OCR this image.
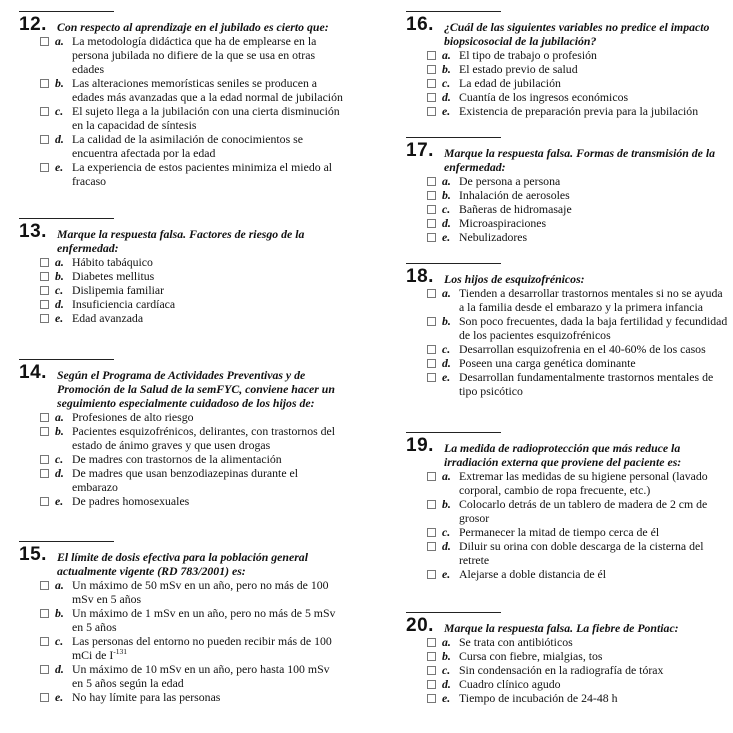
12. Con respecto al aprendizaje en el jubilado es cierto que:
a. La metodología didáctica que ha de emplearse en la
persona jubilada no difiere de la que se usa en otras
edades
b. Las alteraciones memorísticas seniles se producen a
edades más avanzadas que a la edad normal de jubilación
c. El sujeto llega a la jubilación con una cierta disminución
en la capacidad de síntesis
d. La calidad de la asimilación de conocimientos se
encuentra afectada por la edad
e. La experiencia de estos pacientes minimiza el miedo al
fracaso
13. Marque la respuesta falsa. Factores de riesgo de la
enfermedad:
a. Hábito tabáquico
b. Diabetes mellitus
c. Dislipemia familiar
d. Insuficiencia cardíaca
e. Edad avanzada
14. Según el Programa de Actividades Preventivas y de
Promoción de la Salud de la semFYC, conviene hacer un
seguimiento especialmente cuidadoso de los hijos de:
a. Profesiones de alto riesgo
b. Pacientes esquizofrénicos, delirantes, con trastornos del
estado de ánimo graves y que usen drogas
c. De madres con trastornos de la alimentación
d. De madres que usan benzodiazepinas durante el
embarazo
e. De padres homosexuales
15. El límite de dosis efectiva para la población general
actualmente vigente (RD 783/2001) es:
a. Un máximo de 50 mSv en un año, pero no más de 100
mSv en 5 años
b. Un máximo de 1 mSv en un año, pero no más de 5 mSv
en 5 años
c. Las personas del entorno no pueden recibir más de 100
mCi de $I^{-131}$
d. Un máximo de 10 mSv en un año, pero hasta 100 mSv
en 5 años según la edad
e. No hay límite para las personas
16. ¿Cuál de las siguientes variables no predice el impacto
biopsicosocial de la jubilación?
a. El tipo de trabajo o profesión
b. El estado previo de salud
c. La edad de jubilación
d. Cuantía de los ingresos económicos
e. Existencia de preparación previa para la jubilación
17. Marque la respuesta falsa. Formas de transmisión de la
enfermedad:
a. De persona a persona
b. Inhalación de aerosoles
c. Bañeras de hidromasaje
d. Microaspiraciones
e. Nebulizadores
18. Los hijos de esquizofrénicos:
a. Tienden a desarrollar trastornos mentales si no se ayuda
a la familia desde el embarazo y la primera infancia
b. Son poco frecuentes, dada la baja fertilidad y fecundidad
de los pacientes esquizofrénicos
c. Desarrollan esquizofrenia en el 40-60% de los casos
d. Poseen una carga genética dominante
e. Desarrollan fundamentalmente trastornos mentales de
tipo psicótico
19. La medida de radioprotección que más reduce la
irradiación externa que proviene del paciente es:
a. Extremar las medidas de su higiene personal (lavado
corporal, cambio de ropa frecuente, etc.)
b. Colocarlo detrás de un tablero de madera de 2 cm de
grosor
c. Permanecer la mitad de tiempo cerca de él
d. Diluir su orina con doble descarga de la cisterna del
retrete
e. Alejarse a doble distancia de él
20. Marque la respuesta falsa. La fiebre de Pontiac:
a. Se trata con antibióticos
b. Cursa con fiebre, mialgias, tos
c. Sin condensación en la radiografía de tórax
d. Cuadro clínico agudo
e. Tiempo de incubación de 24-48 h
